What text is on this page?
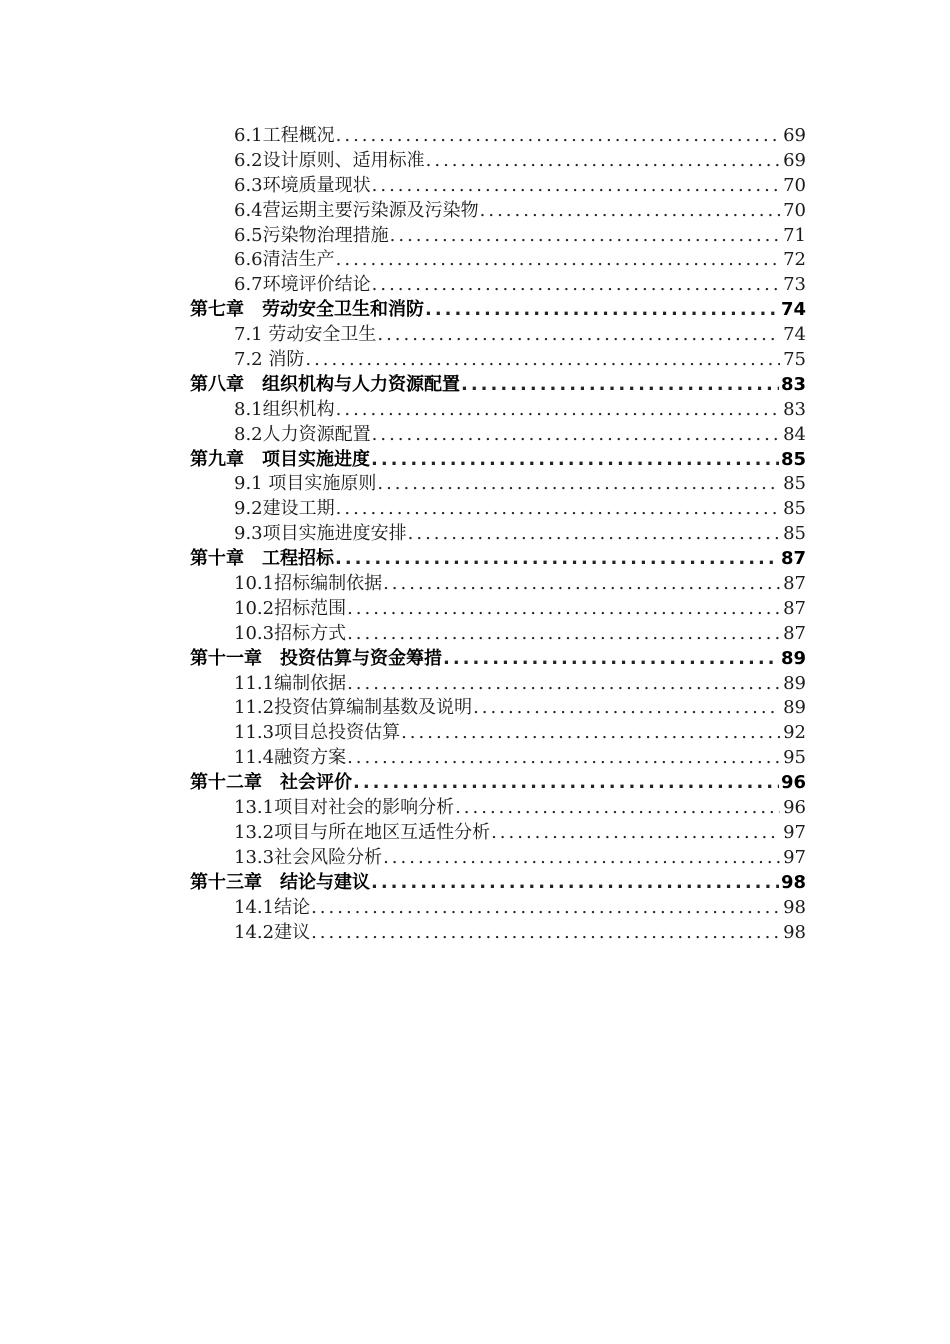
6.1工程概况 .....	69
6.2设计原则、适用标准 .....	69
6.3环境质量现状 .....	70
6.4营运期主要污染源及污染物 .....	70
6.5污染物治理措施 .....	71
6.6清洁生产 .....	72
6.7环境评价结论 .....	73
第七章　劳动安全卫生和消防 .....	74
7.1 劳动安全卫生 .....	74
7.2 消防 .....	75
第八章　组织机构与人力资源配置 .....	83
8.1组织机构 .....	83
8.2人力资源配置 .....	84
第九章　项目实施进度 .....	85
9.1 项目实施原则 .....	85
9.2建设工期 .....	85
9.3项目实施进度安排 .....	85
第十章　工程招标 .....	87
10.1招标编制依据 .....	87
10.2招标范围 .....	87
10.3招标方式 .....	87
第十一章　投资估算与资金筹措 .....	89
11.1编制依据 .....	89
11.2投资估算编制基数及说明 .....	89
11.3项目总投资估算 .....	92
11.4融资方案 .....	95
第十二章　社会评价 .....	96
13.1项目对社会的影响分析 .....	96
13.2项目与所在地区互适性分析 .....	97
13.3社会风险分析 .....	97
第十三章　结论与建议 .....	98
14.1结论 .....	98
14.2建议 .....	98
